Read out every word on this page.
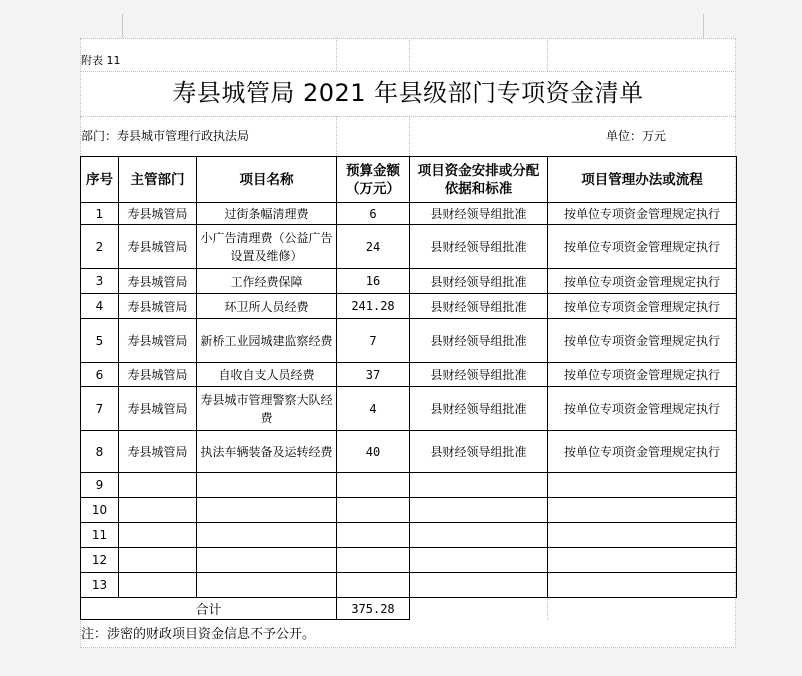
附表 11
寿县城管局 2021 年县级部门专项资金清单
部门：寿县城市管理行政执法局	单位：万元
序号	主管部门	项目名称	预算金额（万元）	项目资金安排或分配依据和标准	项目管理办法或流程
1	寿县城管局	过街条幅清理费	6	县财经领导组批准	按单位专项资金管理规定执行
2	寿县城管局	小广告清理费（公益广告设置及维修）	24	县财经领导组批准	按单位专项资金管理规定执行
3	寿县城管局	工作经费保障	16	县财经领导组批准	按单位专项资金管理规定执行
4	寿县城管局	环卫所人员经费	241.28	县财经领导组批准	按单位专项资金管理规定执行
5	寿县城管局	新桥工业园城建监察经费	7	县财经领导组批准	按单位专项资金管理规定执行
6	寿县城管局	自收自支人员经费	37	县财经领导组批准	按单位专项资金管理规定执行
7	寿县城管局	寿县城市管理警察大队经费	4	县财经领导组批准	按单位专项资金管理规定执行
8	寿县城管局	执法车辆装备及运转经费	40	县财经领导组批准	按单位专项资金管理规定执行
9					
10					
11					
12					
13					
合计			375.28		
注：涉密的财政项目资金信息不予公开。
